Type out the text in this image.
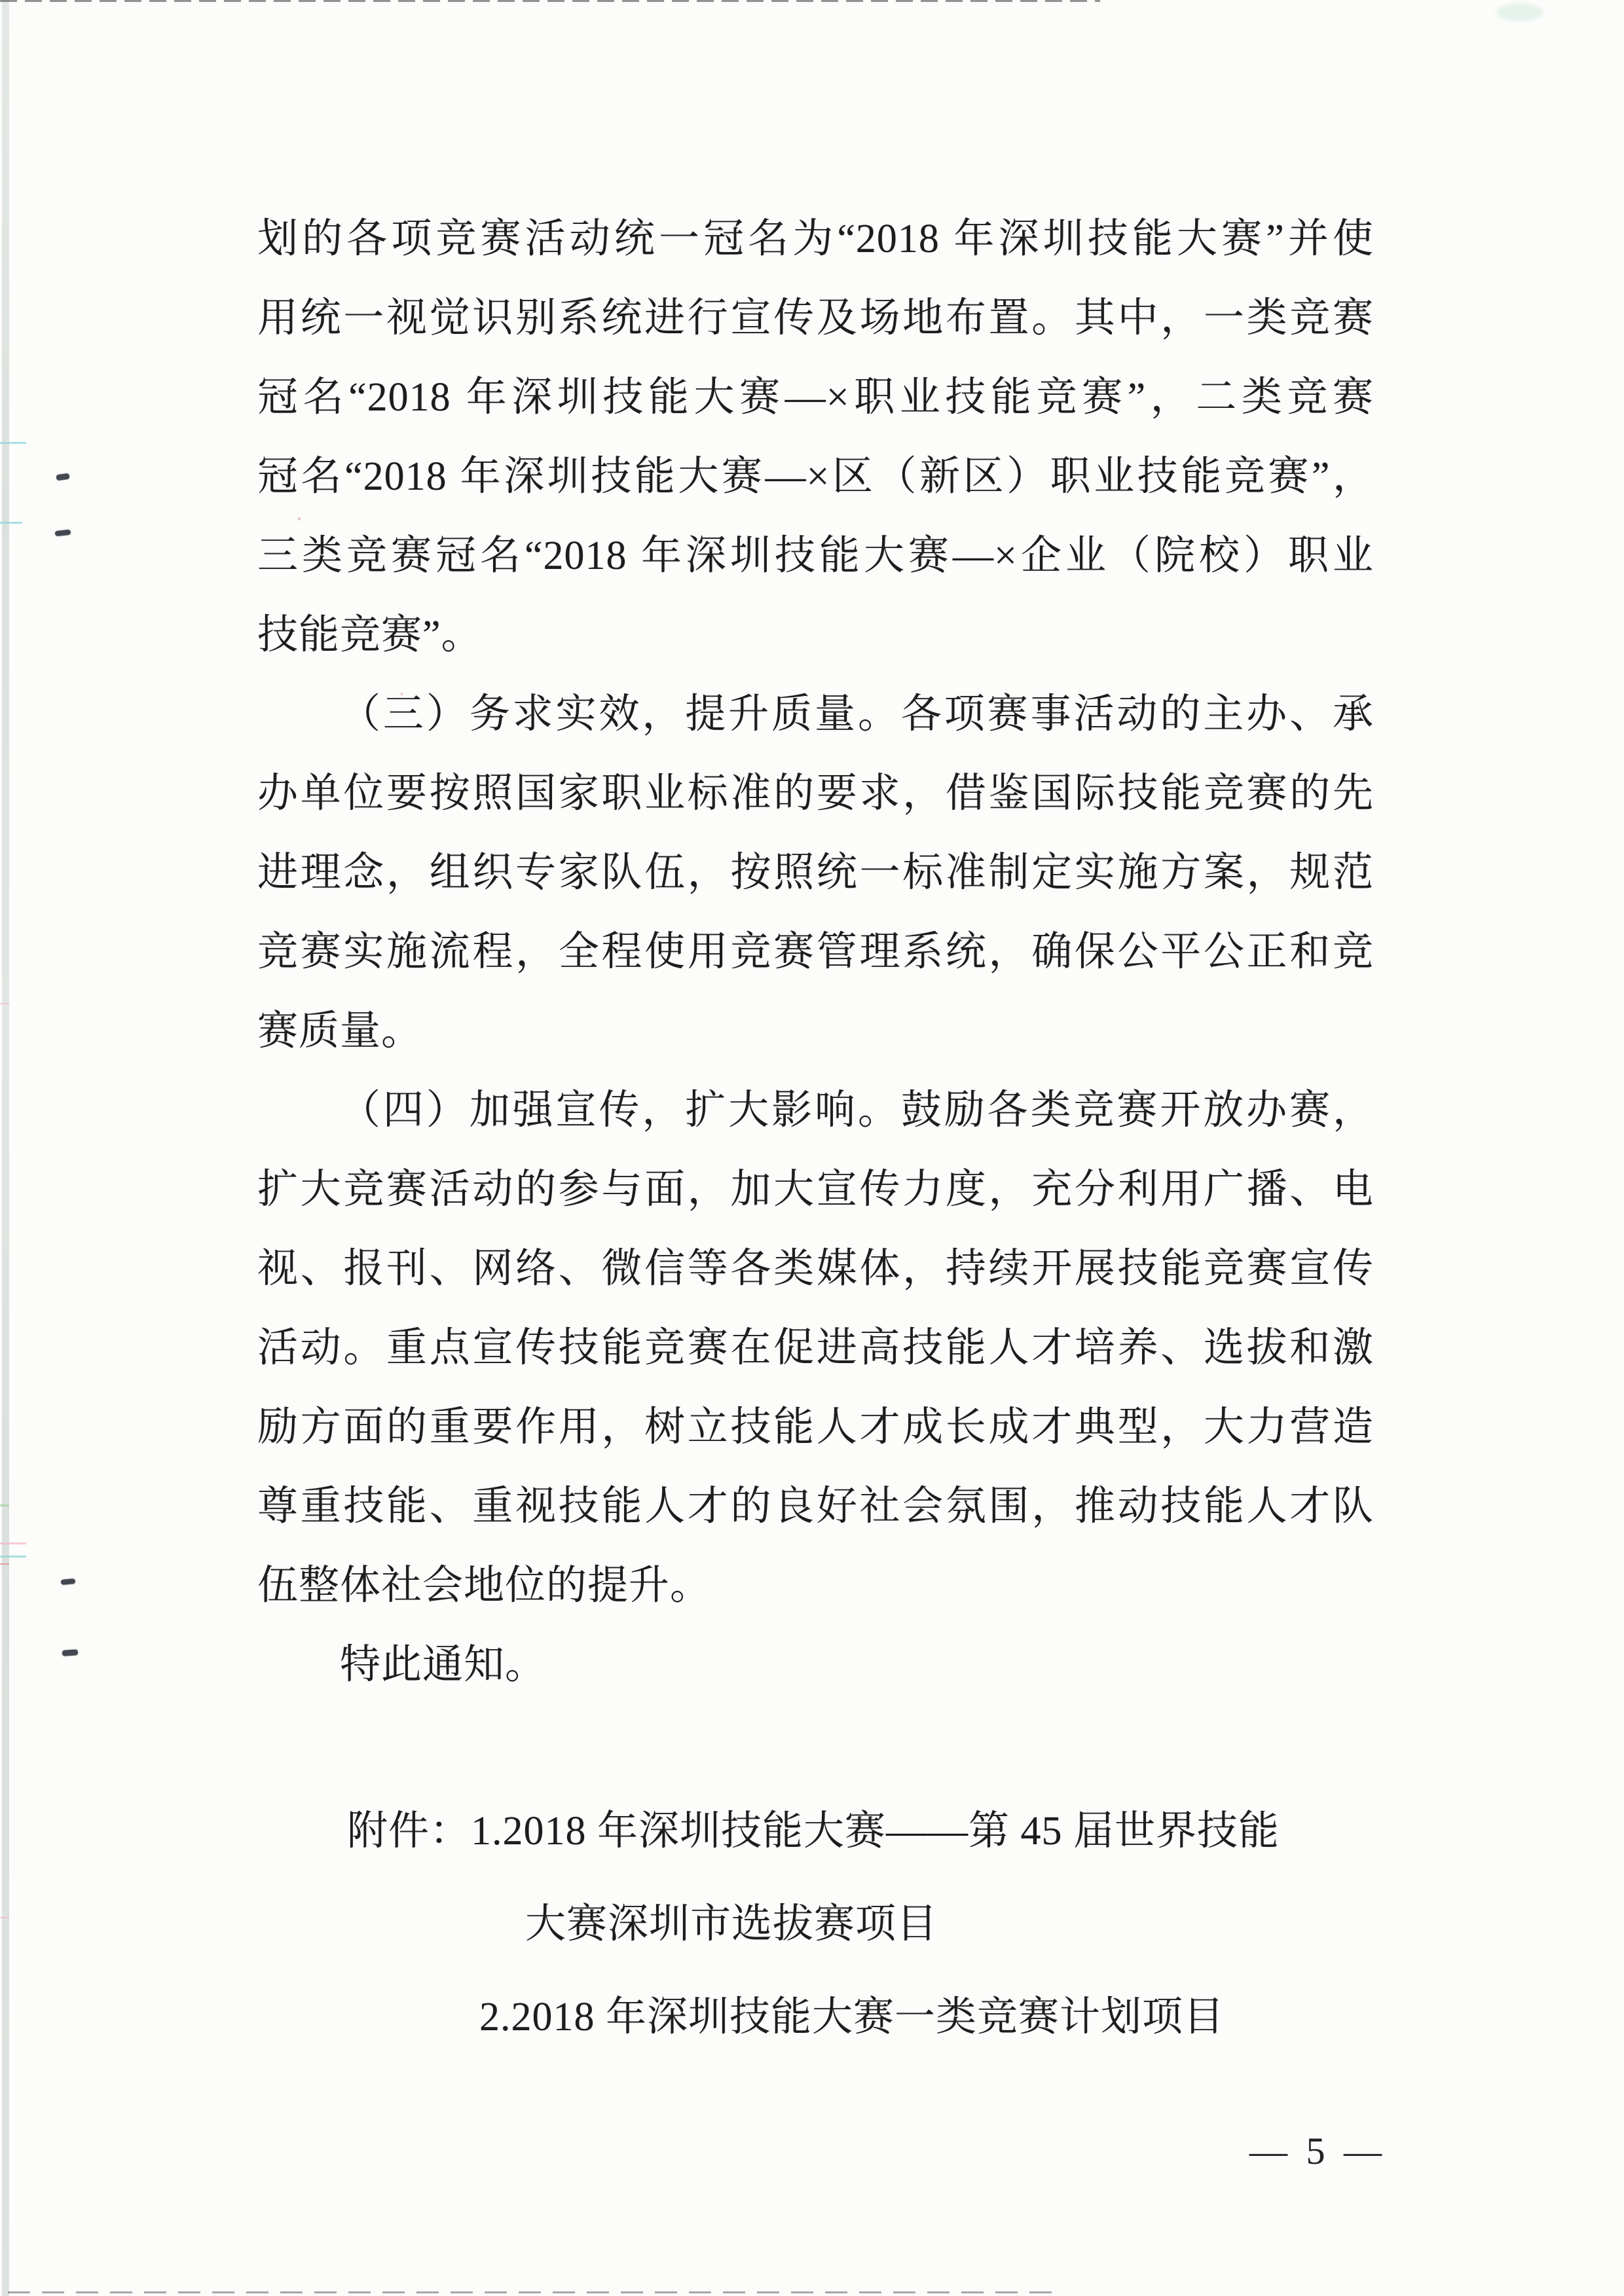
划的各项竞赛活动统一冠名为“2018 年深圳技能大赛”并使
用统一视觉识别系统进行宣传及场地布置。其中，一类竞赛
冠名“2018 年深圳技能大赛—×职业技能竞赛”，二类竞赛
冠名“2018 年深圳技能大赛—×区（新区）职业技能竞赛”，
三类竞赛冠名“2018 年深圳技能大赛—×企业（院校）职业
技能竞赛”。
（三）务求实效，提升质量。各项赛事活动的主办、承
办单位要按照国家职业标准的要求，借鉴国际技能竞赛的先
进理念，组织专家队伍，按照统一标准制定实施方案，规范
竞赛实施流程，全程使用竞赛管理系统，确保公平公正和竞
赛质量。
（四）加强宣传，扩大影响。鼓励各类竞赛开放办赛，
扩大竞赛活动的参与面，加大宣传力度，充分利用广播、电
视、报刊、网络、微信等各类媒体，持续开展技能竞赛宣传
活动。重点宣传技能竞赛在促进高技能人才培养、选拔和激
励方面的重要作用，树立技能人才成长成才典型，大力营造
尊重技能、重视技能人才的良好社会氛围，推动技能人才队
伍整体社会地位的提升。
特此通知。
附件：1.2018 年深圳技能大赛——第 45 届世界技能
大赛深圳市选拔赛项目
2.2018 年深圳技能大赛一类竞赛计划项目
— 5 —
